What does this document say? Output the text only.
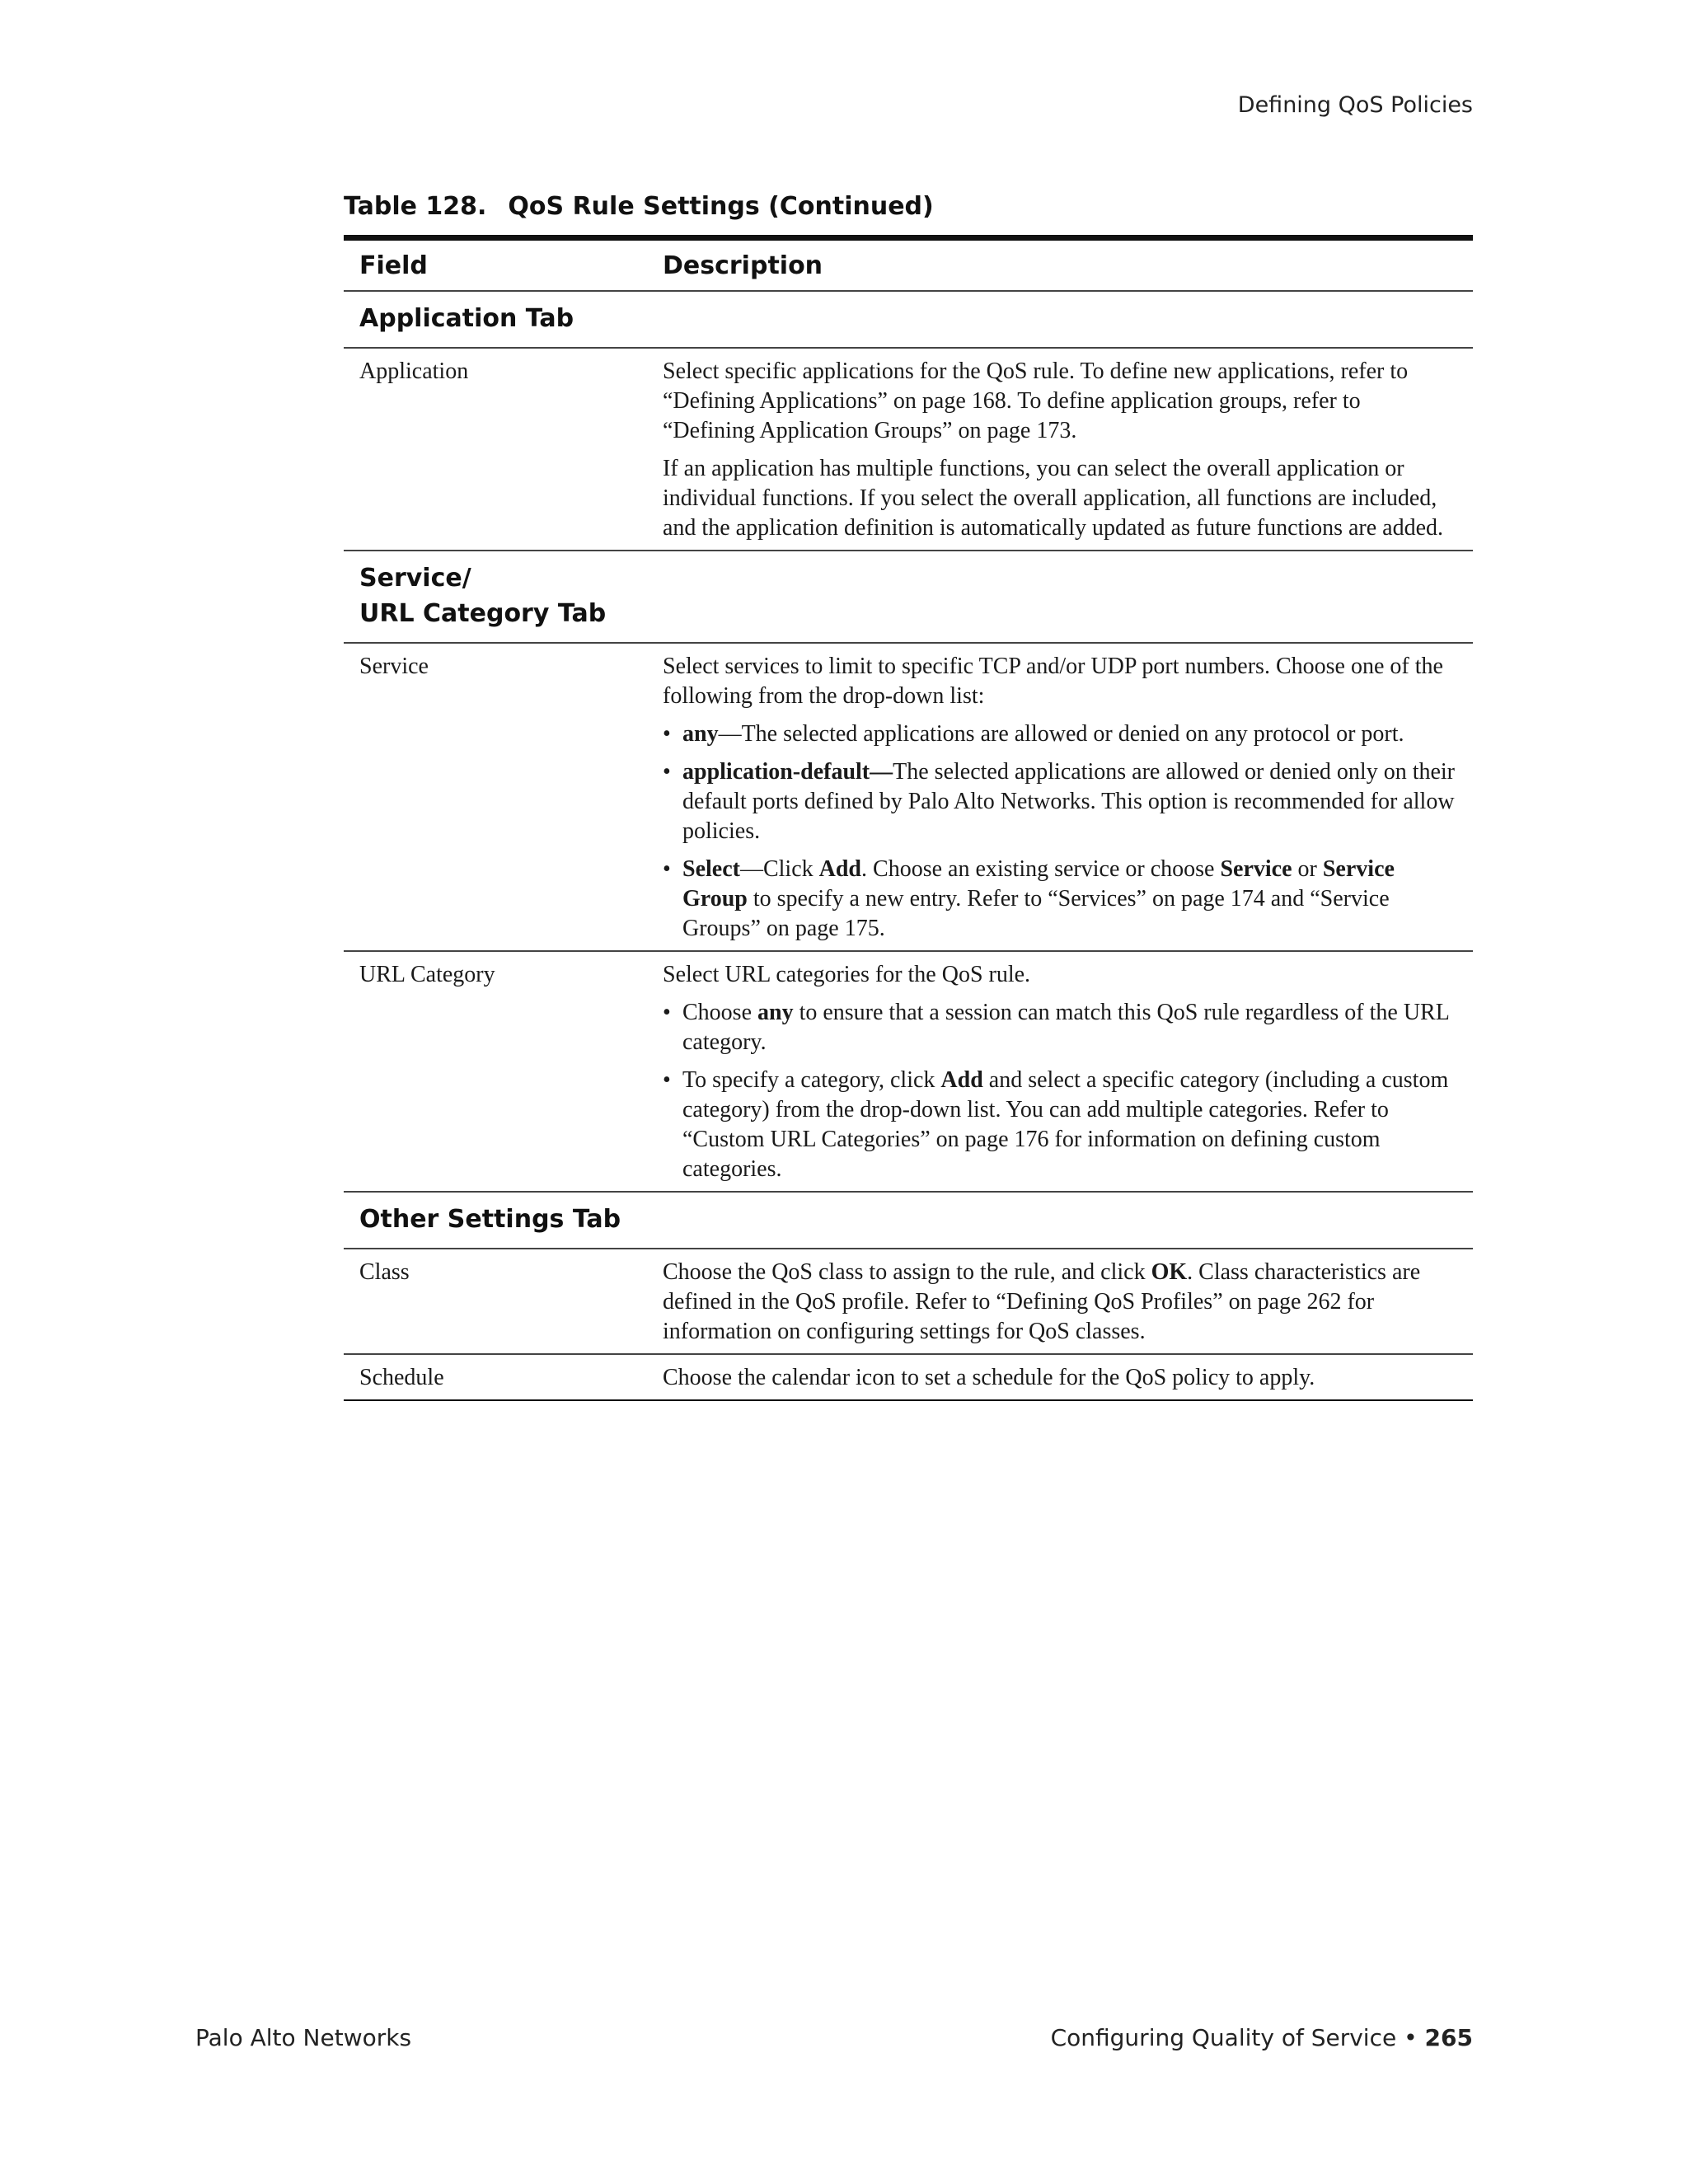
Defining QoS Policies
Table 128. QoS Rule Settings (Continued)
Field	Description
Application Tab
Application	Select specific applications for the QoS rule. To define new applications, refer to “Defining Applications” on page 168. To define application groups, refer to “Defining Application Groups” on page 173.

If an application has multiple functions, you can select the overall application or individual functions. If you select the overall application, all functions are included, and the application definition is automatically updated as future functions are added.

Service/
URL Category Tab
Service	Select services to limit to specific TCP and/or UDP port numbers. Choose one of the following from the drop-down list:

• any—The selected applications are allowed or denied on any protocol or port.
• application-default—The selected applications are allowed or denied only on their default ports defined by Palo Alto Networks. This option is recommended for allow policies.
• Select—Click Add. Choose an existing service or choose Service or Service Group to specify a new entry. Refer to “Services” on page 174 and “Service Groups” on page 175.
URL Category	Select URL categories for the QoS rule.

• Choose any to ensure that a session can match this QoS rule regardless of the URL category.
• To specify a category, click Add and select a specific category (including a custom category) from the drop-down list. You can add multiple categories. Refer to “Custom URL Categories” on page 176 for information on defining custom categories.
Other Settings Tab
Class	Choose the QoS class to assign to the rule, and click OK. Class characteristics are defined in the QoS profile. Refer to “Defining QoS Profiles” on page 262 for information on configuring settings for QoS classes.

Schedule	Choose the calendar icon to set a schedule for the QoS policy to apply.

Palo Alto Networks	Configuring Quality of Service • 265
